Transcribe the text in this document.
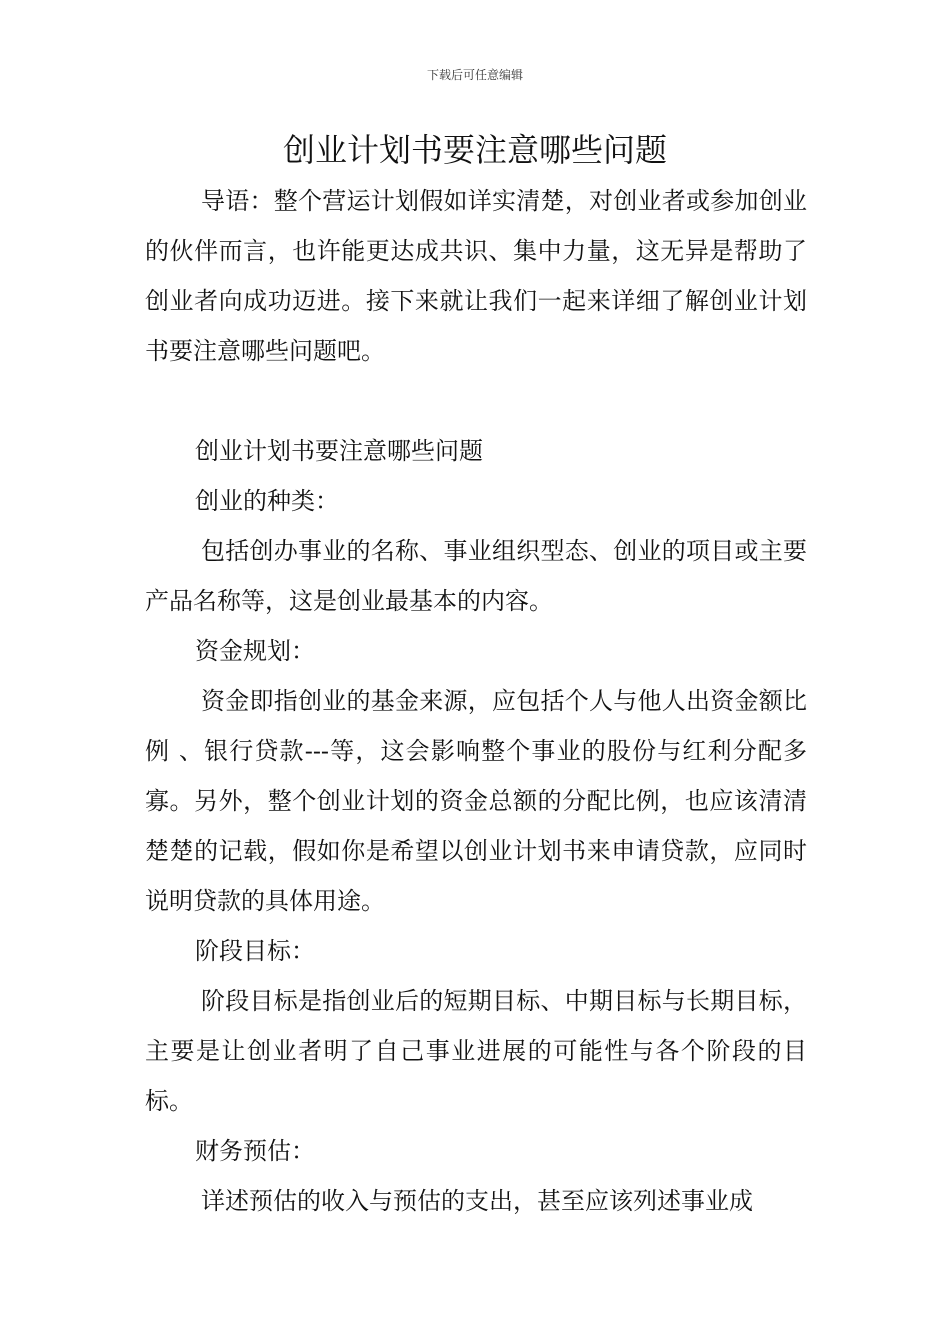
下载后可任意编辑
创业计划书要注意哪些问题

导语：整个营运计划假如详实清楚，对创业者或参加创业的伙伴而言，也许能更达成共识、集中力量，这无异是帮助了创业者向成功迈进。接下来就让我们一起来详细了解创业计划书要注意哪些问题吧。

创业计划书要注意哪些问题

创业的种类：

包括创办事业的名称、事业组织型态、创业的项目或主要产品名称等，这是创业最基本的内容。

资金规划：

资金即指创业的基金来源，应包括个人与他人出资金额比例 、银行贷款---等，这会影响整个事业的股份与红利分配多寡。另外，整个创业计划的资金总额的分配比例，也应该清清楚楚的记载，假如你是希望以创业计划书来申请贷款，应同时说明贷款的具体用途。

阶段目标：

阶段目标是指创业后的短期目标、中期目标与长期目标，主要是让创业者明了自己事业进展的可能性与各个阶段的目标。

财务预估：

详述预估的收入与预估的支出，甚至应该列述事业成
